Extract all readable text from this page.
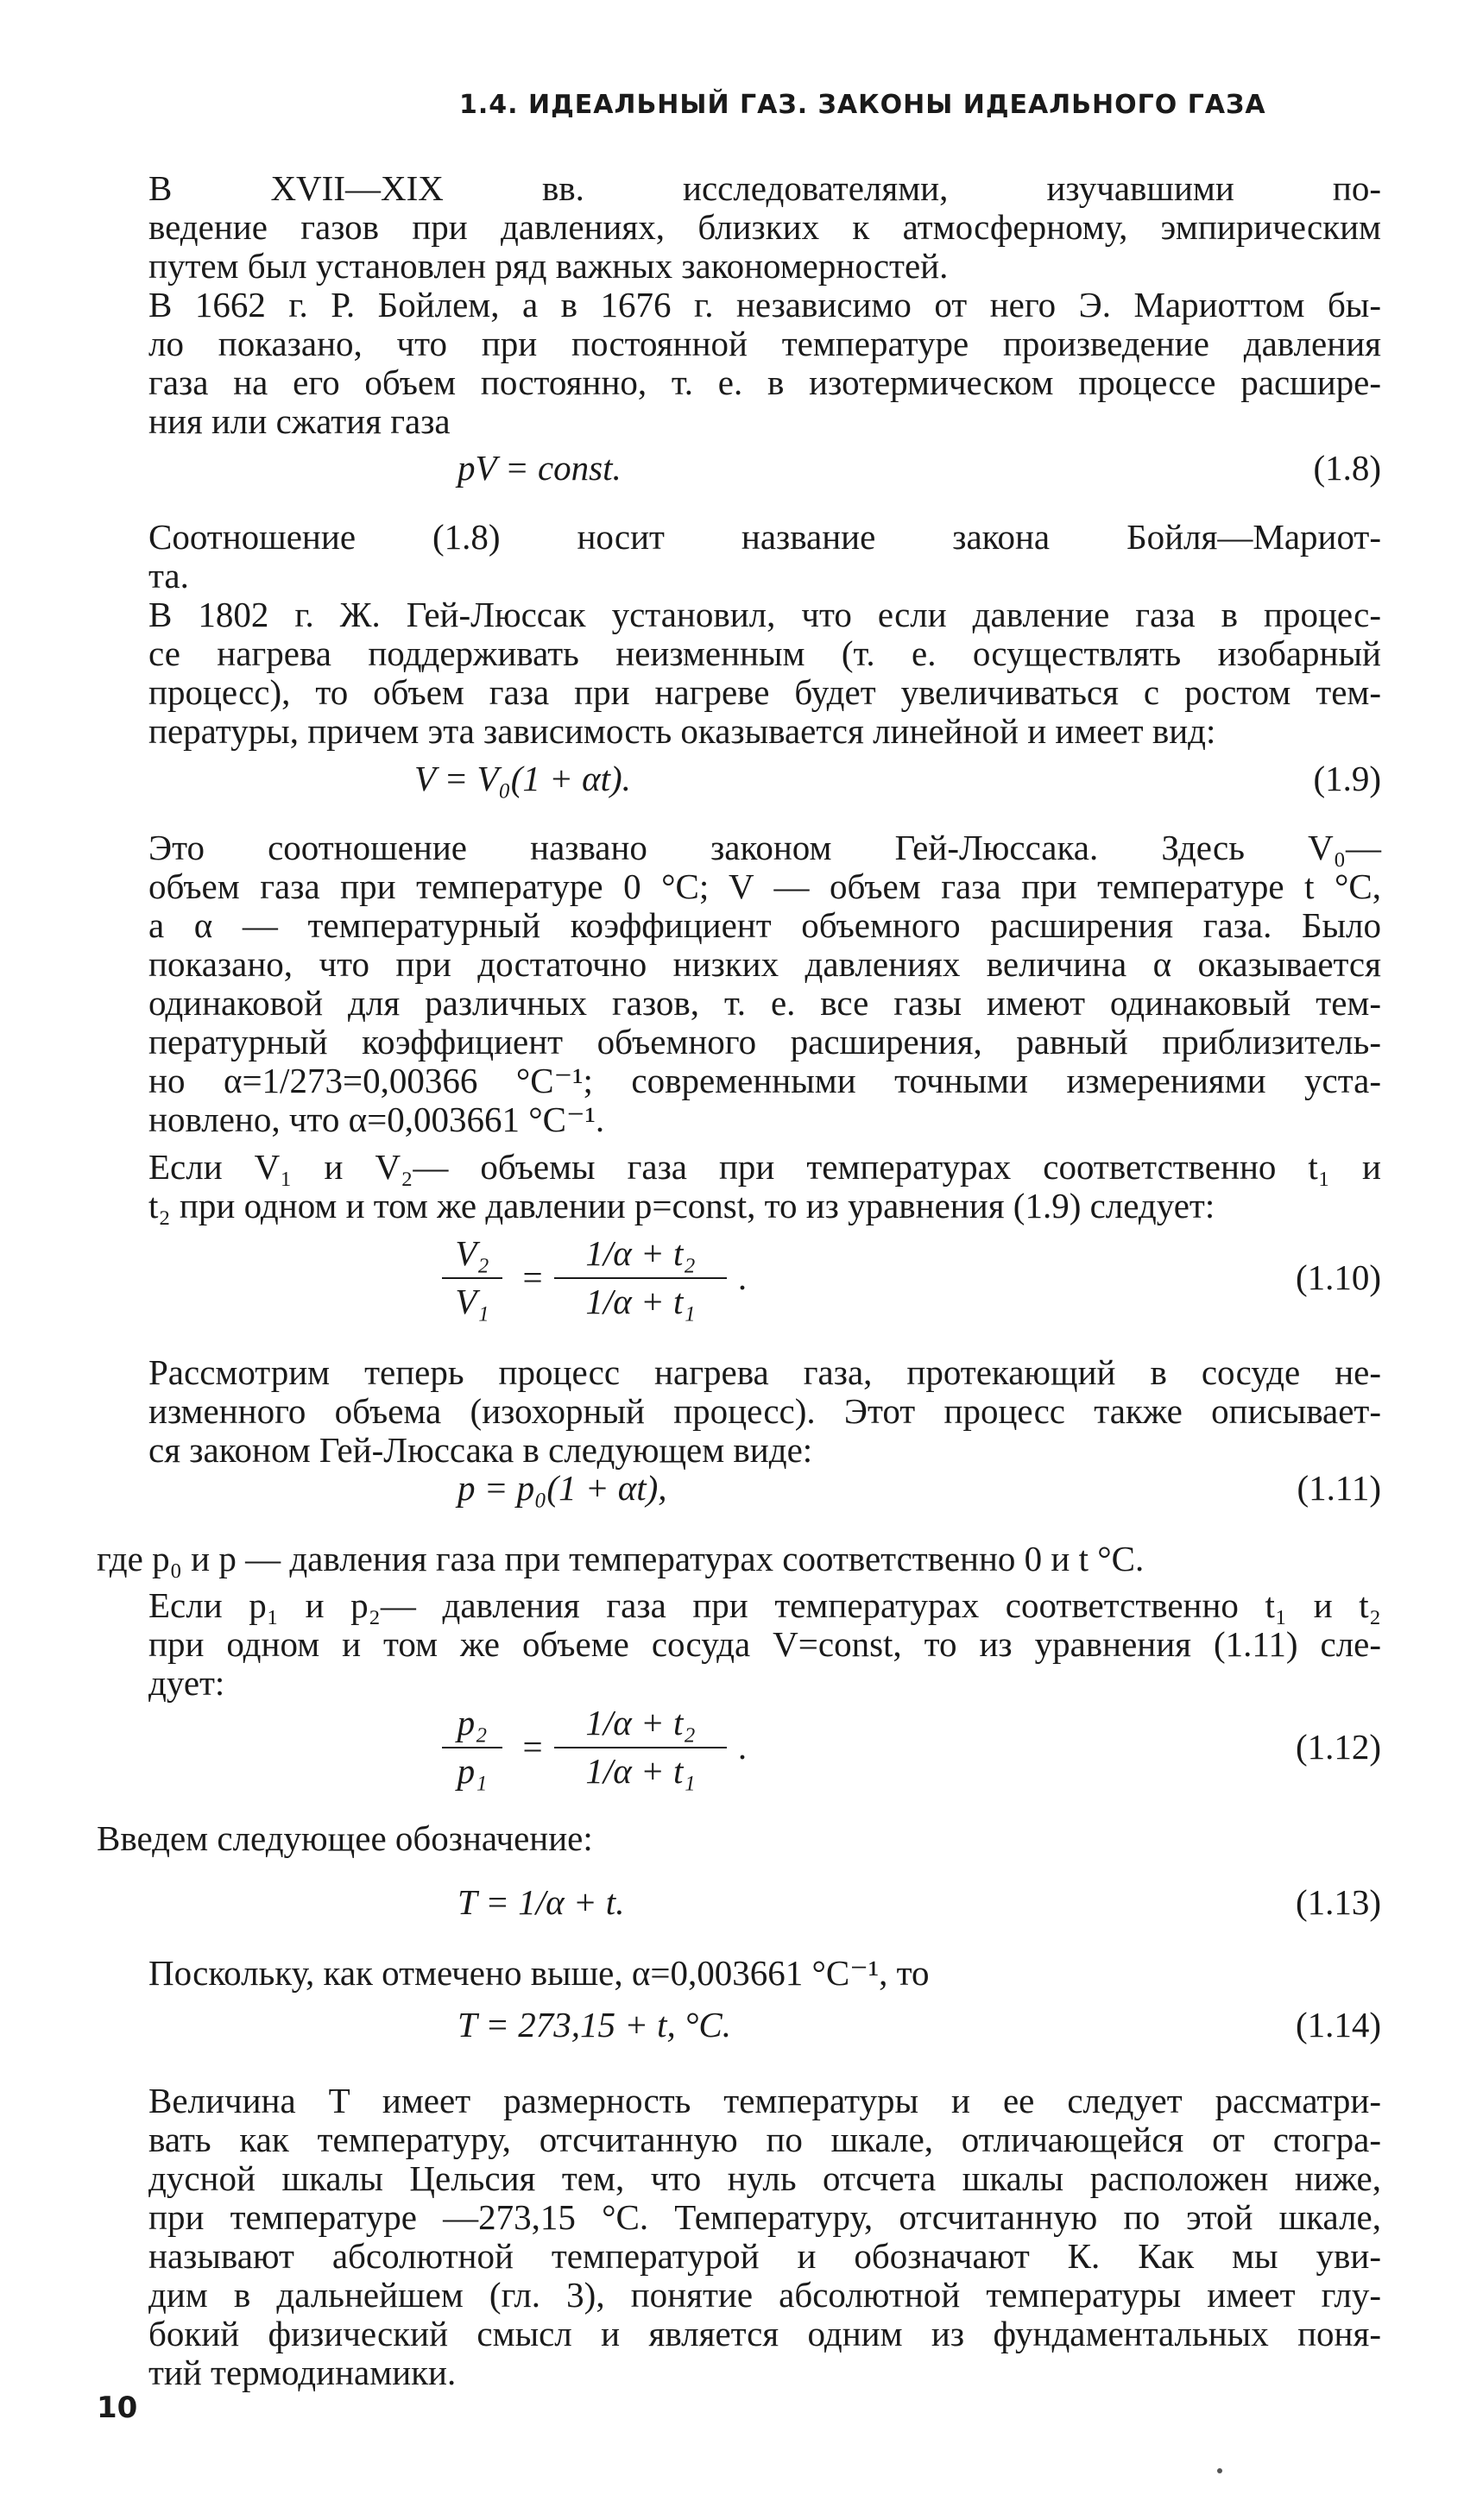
1.4. ИДЕАЛЬНЫЙ ГАЗ. ЗАКОНЫ ИДЕАЛЬНОГО ГАЗА
В XVII—XIX вв. исследователями, изучавшими по-
ведение газов при давлениях, близких к атмосферному, эмпирическим
путем был установлен ряд важных закономерностей.
В 1662 г. Р. Бойлем, а в 1676 г. независимо от него Э. Мариоттом бы-
ло показано, что при постоянной температуре произведение давления
газа на его объем постоянно, т. е. в изотермическом процессе расшире-
ния или сжатия газа
pV = const.	(1.8)
Соотношение (1.8) носит название закона Бойля—Мариот-
та.
В 1802 г. Ж. Гей-Люссак установил, что если давление газа в процес-
се нагрева поддерживать неизменным (т. е. осуществлять изобарный
процесс), то объем газа при нагреве будет увеличиваться с ростом тем-
пературы, причем эта зависимость оказывается линейной и имеет вид:
V = V₀(1 + αt).	(1.9)
Это соотношение названо законом Гей-Люссака. Здесь V₀—
объем газа при температуре 0 °C; V — объем газа при температуре t °C,
а α — температурный коэффициент объемного расширения газа. Было
показано, что при достаточно низких давлениях величина α оказывается
одинаковой для различных газов, т. е. все газы имеют одинаковый тем-
пературный коэффициент объемного расширения, равный приблизитель-
но α=1/273=0,00366 °C⁻¹; современными точными измерениями уста-
новлено, что α=0,003661 °C⁻¹.
Если V₁ и V₂— объемы газа при температурах соответственно t₁ и
t₂ при одном и том же давлении p=const, то из уравнения (1.9) следует:
V₂
V₁
=
1/α + t₂
1/α + t₁
.	(1.10)
Рассмотрим теперь процесс нагрева газа, протекающий в сосуде не-
изменного объема (изохорный процесс). Этот процесс также описывает-
ся законом Гей-Люссака в следующем виде:
p = p₀(1 + αt),	(1.11)
где p₀ и p — давления газа при температурах соответственно 0 и t °C.
Если p₁ и p₂— давления газа при температурах соответственно t₁ и t₂
при одном и том же объеме сосуда V=const, то из уравнения (1.11) сле-
дует:
p₂
p₁
=
1/α + t₂
1/α + t₁
.	(1.12)
Введем следующее обозначение:
T = 1/α + t.	(1.13)
Поскольку, как отмечено выше, α=0,003661 °C⁻¹, то
T = 273,15 + t, °C.	(1.14)
Величина T имеет размерность температуры и ее следует рассматри-
вать как температуру, отсчитанную по шкале, отличающейся от стогра-
дусной шкалы Цельсия тем, что нуль отсчета шкалы расположен ниже,
при температуре —273,15 °C. Температуру, отсчитанную по этой шкале,
называют абсолютной температурой и обозначают К. Как мы уви-
дим в дальнейшем (гл. 3), понятие абсолютной температуры имеет глу-
бокий физический смысл и является одним из фундаментальных поня-
тий термодинамики.
10
